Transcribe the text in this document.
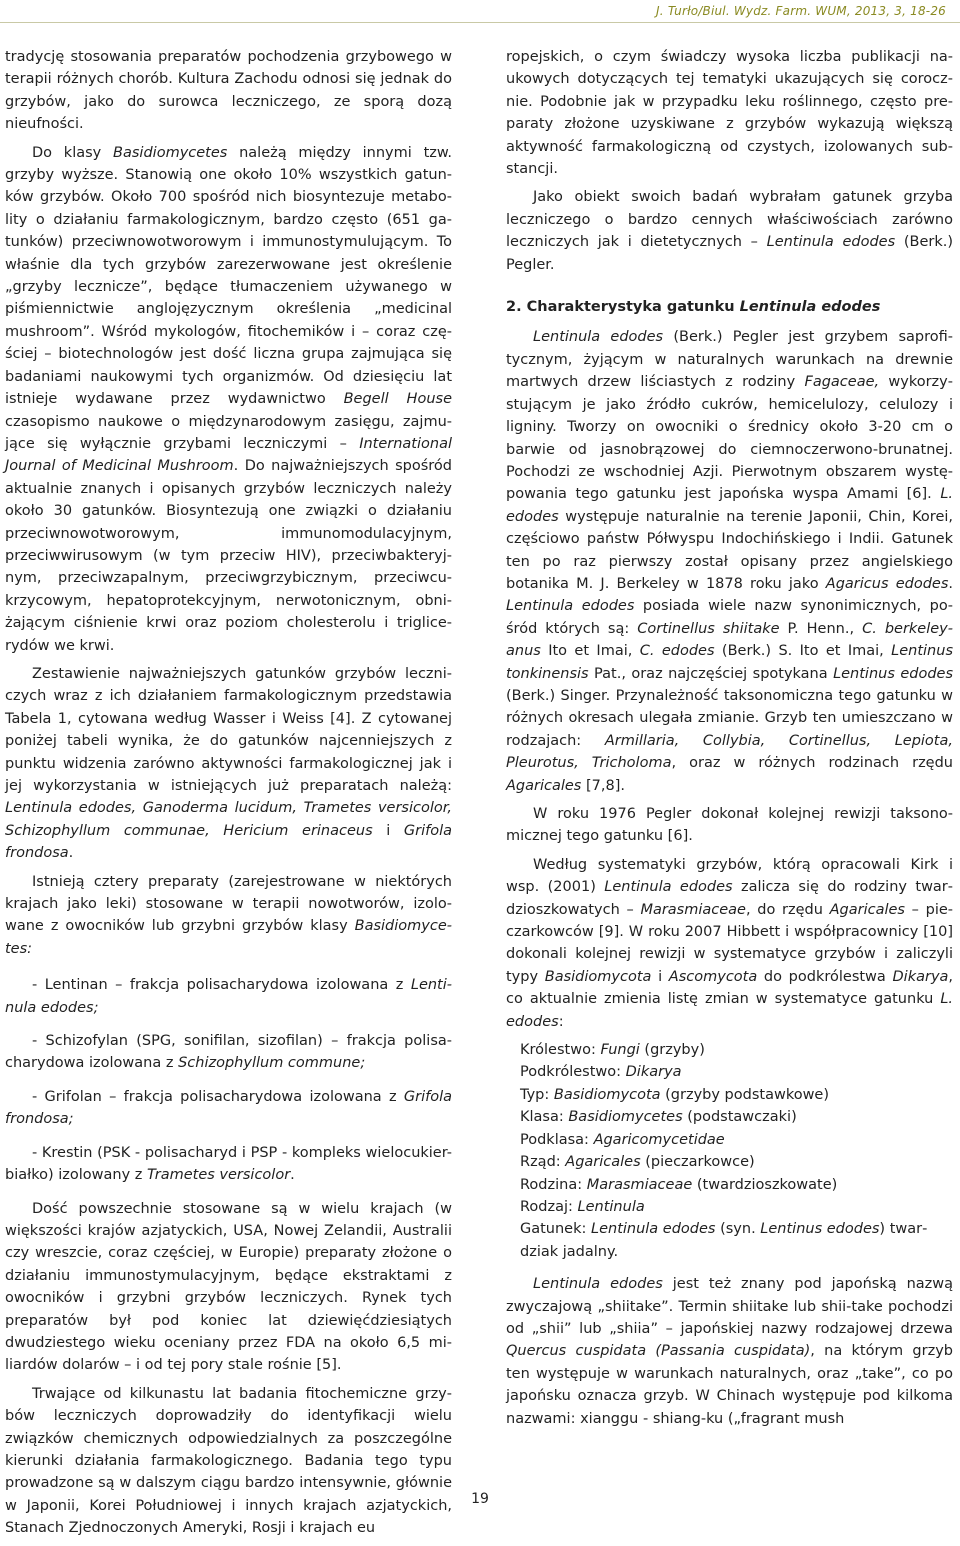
J. Turło/Biul. Wydz. Farm. WUM, 2013, 3, 18-26

tradycję stosowania preparatów pochodzenia grzybowego w terapii różnych chorób. Kultura Zachodu odnosi się jednak do grzybów, jako do surowca leczniczego, ze sporą dozą nieufności.

Do klasy Basidiomycetes należą między innymi tzw. grzyby wyższe. Stanowią one około 10% wszystkich gatunków grzybów. Około 700 spośród nich biosyntezuje metabolity o działaniu farmakologicznym, bardzo często (651 gatunków) przeciwnowotworowym i immunostymulującym. To właśnie dla tych grzybów zarezerwowane jest określenie „grzyby lecznicze”, będące tłumaczeniem używanego w piśmiennictwie anglojęzycznym określenia „medicinal mushroom”. Wśród mykologów, fitochemików i – coraz częściej – biotechnologów jest dość liczna grupa zajmująca się badaniami naukowymi tych organizmów. Od dziesięciu lat istnieje wydawane przez wydawnictwo Begell House czasopismo naukowe o międzynarodowym zasięgu, zajmujące się wyłącznie grzybami leczniczymi – International Journal of Medicinal Mushroom. Do najważniejszych spośród aktualnie znanych i opisanych grzybów leczniczych należy około 30 gatunków. Biosyntezują one związki o działaniu przeciwnowotworowym, immunomodulacyjnym, przeciwwirusowym (w tym przeciw HIV), przeciwbakteryjnym, przeciwzapalnym, przeciwgrzybicznym, przeciwcukrzycowym, hepatoprotekcyjnym, nerwotonicznym, obniżającym ciśnienie krwi oraz poziom cholesterolu i triglicerydów we krwi.

Zestawienie najważniejszych gatunków grzybów leczniczych wraz z ich działaniem farmakologicznym przedstawia Tabela 1, cytowana według Wasser i Weiss [4]. Z cytowanej poniżej tabeli wynika, że do gatunków najcenniejszych z punktu widzenia zarówno aktywności farmakologicznej jak i jej wykorzystania w istniejących już preparatach należą: Lentinula edodes, Ganoderma lucidum, Trametes versicolor, Schizophyllum communae, Hericium erinaceus i Grifola frondosa.

Istnieją cztery preparaty (zarejestrowane w niektórych krajach jako leki) stosowane w terapii nowotworów, izolowane z owocników lub grzybni grzybów klasy Basidiomycetes:

- Lentinan – frakcja polisacharydowa izolowana z Lentinula edodes;

- Schizofylan (SPG, sonifilan, sizofilan) – frakcja polisacharydowa izolowana z Schizophyllum commune;

- Grifolan – frakcja polisacharydowa izolowana z Grifola frondosa;

- Krestin (PSK - polisacharyd i PSP - kompleks wielocukier-białko) izolowany z Trametes versicolor.

Dość powszechnie stosowane są w wielu krajach (w większości krajów azjatyckich, USA, Nowej Zelandii, Australii czy wreszcie, coraz częściej, w Europie) preparaty złożone o działaniu immunostymulacyjnym, będące ekstraktami z owocników i grzybni grzybów leczniczych. Rynek tych preparatów był pod koniec lat dziewięćdziesiątych dwudziestego wieku oceniany przez FDA na około 6,5 miliardów dolarów – i od tej pory stale rośnie [5].

Trwające od kilkunastu lat badania fitochemiczne grzybów leczniczych doprowadziły do identyfikacji wielu związków chemicznych odpowiedzialnych za poszczególne kierunki działania farmakologicznego. Badania tego typu prowadzone są w dalszym ciągu bardzo intensywnie, głównie w Japonii, Korei Południowej i innych krajach azjatyckich, Stanach Zjednoczonych Ameryki, Rosji i krajach eu

ropejskich, o czym świadczy wysoka liczba publikacji naukowych dotyczących tej tematyki ukazujących się corocznie. Podobnie jak w przypadku leku roślinnego, często preparaty złożone uzyskiwane z grzybów wykazują większą aktywność farmakologiczną od czystych, izolowanych substancji.

Jako obiekt swoich badań wybrałam gatunek grzyba leczniczego o bardzo cennych właściwościach zarówno leczniczych jak i dietetycznych – Lentinula edodes (Berk.) Pegler.

2. Charakterystyka gatunku Lentinula edodes

Lentinula edodes (Berk.) Pegler jest grzybem saprofitycznym, żyjącym w naturalnych warunkach na drewnie martwych drzew liściastych z rodziny Fagaceae, wykorzystującym je jako źródło cukrów, hemicelulozy, celulozy i ligniny. Tworzy on owocniki o średnicy około 3-20 cm o barwie od jasnobrązowej do ciemnoczerwono-brunatnej. Pochodzi ze wschodniej Azji. Pierwotnym obszarem występowania tego gatunku jest japońska wyspa Amami [6]. L. edodes występuje naturalnie na terenie Japonii, Chin, Korei, częściowo państw Półwyspu Indochińskiego i Indii. Gatunek ten po raz pierwszy został opisany przez angielskiego botanika M. J. Berkeley w 1878 roku jako Agaricus edodes. Lentinula edodes posiada wiele nazw synonimicznych, pośród których są: Cortinellus shiitake P. Henn., C. berkeleyanus Ito et Imai, C. edodes (Berk.) S. Ito et Imai, Lentinus tonkinensis Pat., oraz najczęściej spotykana Lentinus edodes (Berk.) Singer. Przynależność taksonomiczna tego gatunku w różnych okresach ulegała zmianie. Grzyb ten umieszczano w rodzajach: Armillaria, Collybia, Cortinellus, Lepiota, Pleurotus, Tricholoma, oraz w różnych rodzinach rzędu Agaricales [7,8].

W roku 1976 Pegler dokonał kolejnej rewizji taksonomicznej tego gatunku [6].

Według systematyki grzybów, którą opracowali Kirk i wsp. (2001) Lentinula edodes zalicza się do rodziny twardzioszkowatych – Marasmiaceae, do rzędu Agaricales – pieczarkowców [9]. W roku 2007 Hibbett i współpracownicy [10] dokonali kolejnej rewizji w systematyce grzybów i zaliczyli typy Basidiomycota i Ascomycota do podkrólestwa Dikarya, co aktualnie zmienia listę zmian w systematyce gatunku L. edodes:

Królestwo: Fungi (grzyby)
Podkrólestwo: Dikarya
Typ: Basidiomycota (grzyby podstawkowe)
Klasa: Basidiomycetes (podstawczaki)
Podklasa: Agaricomycetidae
Rząd: Agaricales (pieczarkowce)
Rodzina: Marasmiaceae (twardzioszkowate)
Rodzaj: Lentinula
Gatunek: Lentinula edodes (syn. Lentinus edodes) twardziak jadalny.

Lentinula edodes jest też znany pod japońską nazwą zwyczajową „shiitake”. Termin shiitake lub shii-take pochodzi od „shii” lub „shiia” – japońskiej nazwy rodzajowej drzewa Quercus cuspidata (Passania cuspidata), na którym grzyb ten występuje w warunkach naturalnych, oraz „take”, co po japońsku oznacza grzyb. W Chinach występuje pod kilkoma nazwami: xianggu - shiang-ku („fragrant mush

19
